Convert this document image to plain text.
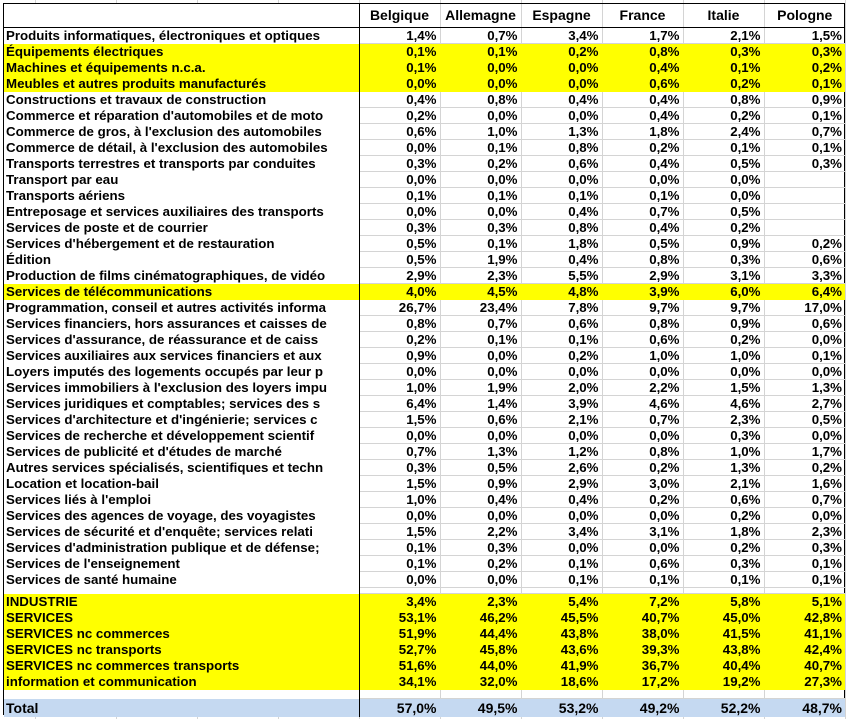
	Belgique	Allemagne	Espagne	France	Italie	Pologne
Produits informatiques, électroniques et optiques	1,4%	0,7%	3,4%	1,7%	2,1%	1,5%
Équipements électriques	0,1%	0,1%	0,2%	0,8%	0,3%	0,3%
Machines et équipements n.c.a.	0,1%	0,0%	0,0%	0,4%	0,1%	0,2%
Meubles et autres produits manufacturés	0,0%	0,0%	0,0%	0,6%	0,2%	0,1%
Constructions et travaux de construction	0,4%	0,8%	0,4%	0,4%	0,8%	0,9%
Commerce et réparation d'automobiles et de moto	0,2%	0,0%	0,0%	0,4%	0,2%	0,1%
Commerce de gros, à l'exclusion des automobiles	0,6%	1,0%	1,3%	1,8%	2,4%	0,7%
Commerce de détail, à l'exclusion des automobiles	0,0%	0,1%	0,8%	0,2%	0,1%	0,1%
Transports terrestres et transports par conduites	0,3%	0,2%	0,6%	0,4%	0,5%	0,3%
Transport par eau	0,0%	0,0%	0,0%	0,0%	0,0%	
Transports aériens	0,1%	0,1%	0,1%	0,1%	0,0%	
Entreposage et services auxiliaires des transports	0,0%	0,0%	0,4%	0,7%	0,5%	
Services de poste et de courrier	0,3%	0,3%	0,8%	0,4%	0,2%	
Services d'hébergement et de restauration	0,5%	0,1%	1,8%	0,5%	0,9%	0,2%
Édition	0,5%	1,9%	0,4%	0,8%	0,3%	0,6%
Production de films cinématographiques, de vidéo	2,9%	2,3%	5,5%	2,9%	3,1%	3,3%
Services de télécommunications	4,0%	4,5%	4,8%	3,9%	6,0%	6,4%
Programmation, conseil et autres activités informa	26,7%	23,4%	7,8%	9,7%	9,7%	17,0%
Services financiers, hors assurances et caisses de	0,8%	0,7%	0,6%	0,8%	0,9%	0,6%
Services d'assurance, de réassurance et de caiss	0,2%	0,1%	0,1%	0,6%	0,2%	0,0%
Services auxiliaires aux services financiers et aux	0,9%	0,0%	0,2%	1,0%	1,0%	0,1%
Loyers imputés des logements occupés par leur p	0,0%	0,0%	0,0%	0,0%	0,0%	0,0%
Services immobiliers à l'exclusion des loyers impu	1,0%	1,9%	2,0%	2,2%	1,5%	1,3%
Services juridiques et comptables; services des s	6,4%	1,4%	3,9%	4,6%	4,6%	2,7%
Services d'architecture et d'ingénierie; services c	1,5%	0,6%	2,1%	0,7%	2,3%	0,5%
Services de recherche et développement scientif	0,0%	0,0%	0,0%	0,0%	0,3%	0,0%
Services de publicité et d'études de marché	0,7%	1,3%	1,2%	0,8%	1,0%	1,7%
Autres services spécialisés, scientifiques et techn	0,3%	0,5%	2,6%	0,2%	1,3%	0,2%
Location et location-bail	1,5%	0,9%	2,9%	3,0%	2,1%	1,6%
Services liés à l'emploi	1,0%	0,4%	0,4%	0,2%	0,6%	0,7%
Services des agences de voyage, des voyagistes	0,0%	0,0%	0,0%	0,0%	0,2%	0,0%
Services de sécurité et d'enquête; services relati	1,5%	2,2%	3,4%	3,1%	1,8%	2,3%
Services d'administration publique et de défense;	0,1%	0,3%	0,0%	0,0%	0,2%	0,3%
Services de l'enseignement	0,1%	0,2%	0,1%	0,6%	0,3%	0,1%
Services de santé humaine	0,0%	0,0%	0,1%	0,1%	0,1%	0,1%

INDUSTRIE	3,4%	2,3%	5,4%	7,2%	5,8%	5,1%
SERVICES	53,1%	46,2%	45,5%	40,7%	45,0%	42,8%
SERVICES nc commerces	51,9%	44,4%	43,8%	38,0%	41,5%	41,1%
SERVICES nc transports	52,7%	45,8%	43,6%	39,3%	43,8%	42,4%
SERVICES nc commerces transports	51,6%	44,0%	41,9%	36,7%	40,4%	40,7%
information et communication	34,1%	32,0%	18,6%	17,2%	19,2%	27,3%

Total	57,0%	49,5%	53,2%	49,2%	52,2%	48,7%
